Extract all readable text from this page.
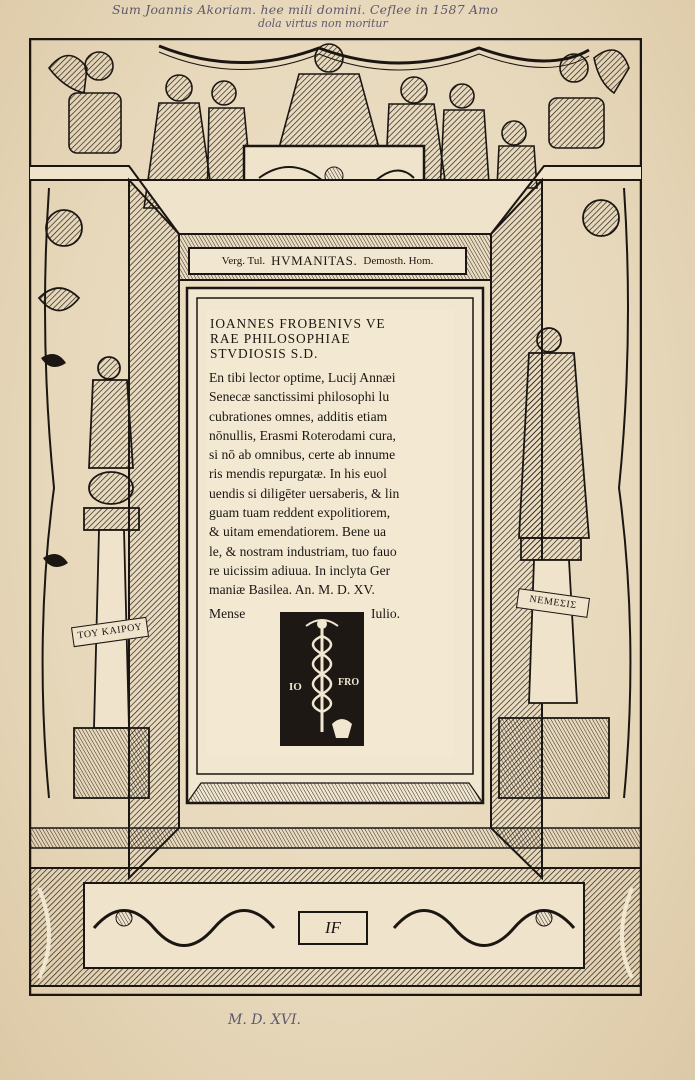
Sum Joannis Akoriam. hee mili domini. Ceflee in 1587 Amo
dola virtus non moritur
Verg. Tul. HVMANITAS. Demosth. Hom.
IOANNES FROBENIVS VE
RAE PHILOSOPHIAE
STVDIOSIS S.D.
En tibi lector optime, Lucij Annæi
Senecæ sanctissimi philosophi lu
cubrationes omnes, additis etiam
nōnullis, Erasmi Roterodami cura,
si nō ab omnibus, certe ab innume
ris mendis repurgatæ. In his euol
uendis si diligēter uersaberis, & lin
guam tuam reddent expolitiorem,
& uitam emendatiorem. Bene ua
le, & nostram industriam, tuo fauo
re uicissim adiuua. In inclyta Ger
maniæ Basilea. An. M. D. XV.
Mense	Iulio.
IO	FRO
ΤΟΥ ΚΑΙΡΟΥ
ΝΕΜΕΣΙΣ
IF
M. D. XVI.
